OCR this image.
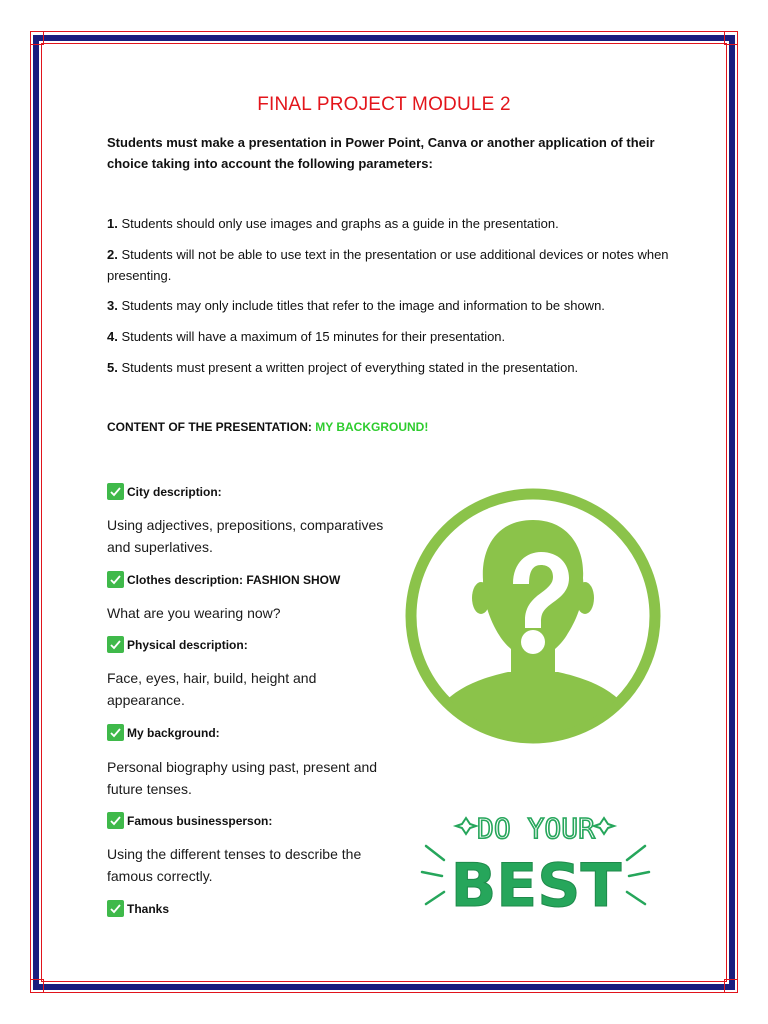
FINAL PROJECT MODULE 2
Students must make a presentation in Power Point, Canva or another application of their choice taking into account the following parameters:
1. Students should only use images and graphs as a guide in the presentation.
2. Students will not be able to use text in the presentation or use additional devices or notes when presenting.
3. Students may only include titles that refer to the image and information to be shown.
4. Students will have a maximum of 15 minutes for their presentation.
5. Students must present a written project of everything stated in the presentation.
CONTENT OF THE PRESENTATION: MY BACKGROUND!
City description:
Using adjectives, prepositions, comparatives and superlatives.
Clothes description: FASHION SHOW
What are you wearing now?
Physical description:
Face, eyes, hair, build, height and appearance.
My background:
Personal biography using past, present and future tenses.
Famous businessperson:
Using the different tenses to describe the famous correctly.
Thanks
DO YOUR
BEST
